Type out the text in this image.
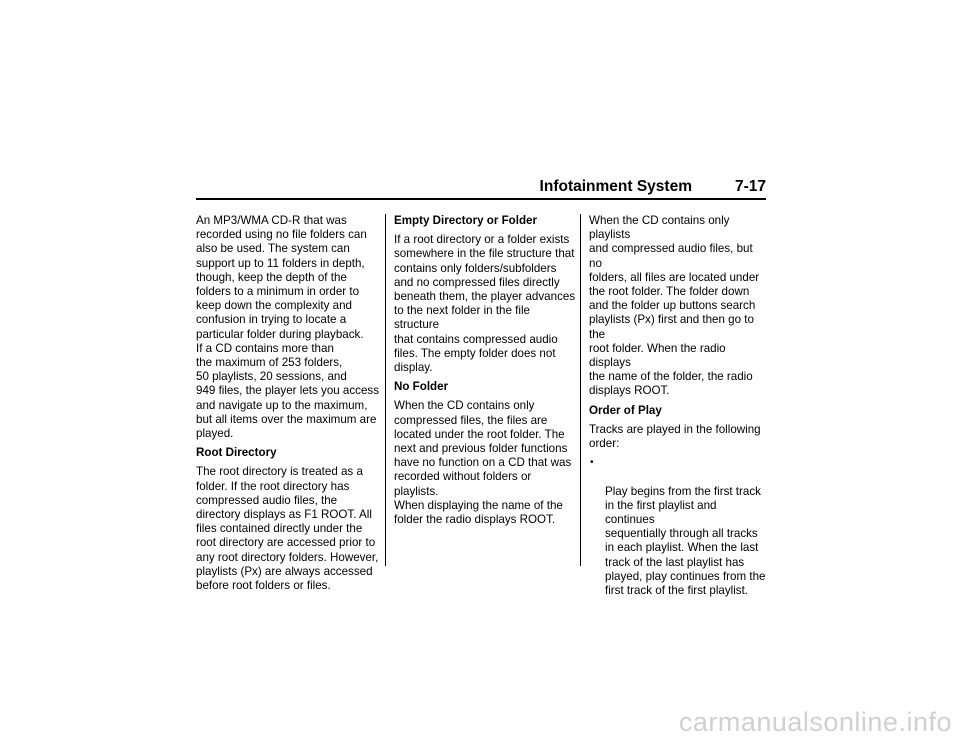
Infotainment System	7-17

An MP3/WMA CD-R that was
recorded using no file folders can
also be used. The system can
support up to 11 folders in depth,
though, keep the depth of the
folders to a minimum in order to
keep down the complexity and
confusion in trying to locate a
particular folder during playback.
If a CD contains more than
the maximum of 253 folders,
50 playlists, 20 sessions, and
949 files, the player lets you access
and navigate up to the maximum,
but all items over the maximum are
played.

Root Directory

The root directory is treated as a
folder. If the root directory has
compressed audio files, the
directory displays as F1 ROOT. All
files contained directly under the
root directory are accessed prior to
any root directory folders. However,
playlists (Px) are always accessed
before root folders or files.

Empty Directory or Folder

If a root directory or a folder exists
somewhere in the file structure that
contains only folders/subfolders
and no compressed files directly
beneath them, the player advances
to the next folder in the file structure
that contains compressed audio
files. The empty folder does not
display.

No Folder

When the CD contains only
compressed files, the files are
located under the root folder. The
next and previous folder functions
have no function on a CD that was
recorded without folders or playlists.
When displaying the name of the
folder the radio displays ROOT.

When the CD contains only playlists
and compressed audio files, but no
folders, all files are located under
the root folder. The folder down
and the folder up buttons search
playlists (Px) first and then go to the
root folder. When the radio displays
the name of the folder, the radio
displays ROOT.

Order of Play

Tracks are played in the following
order:

•

Play begins from the first track
in the first playlist and continues
sequentially through all tracks
in each playlist. When the last
track of the last playlist has
played, play continues from the
first track of the first playlist.

carmanualsonline.info
